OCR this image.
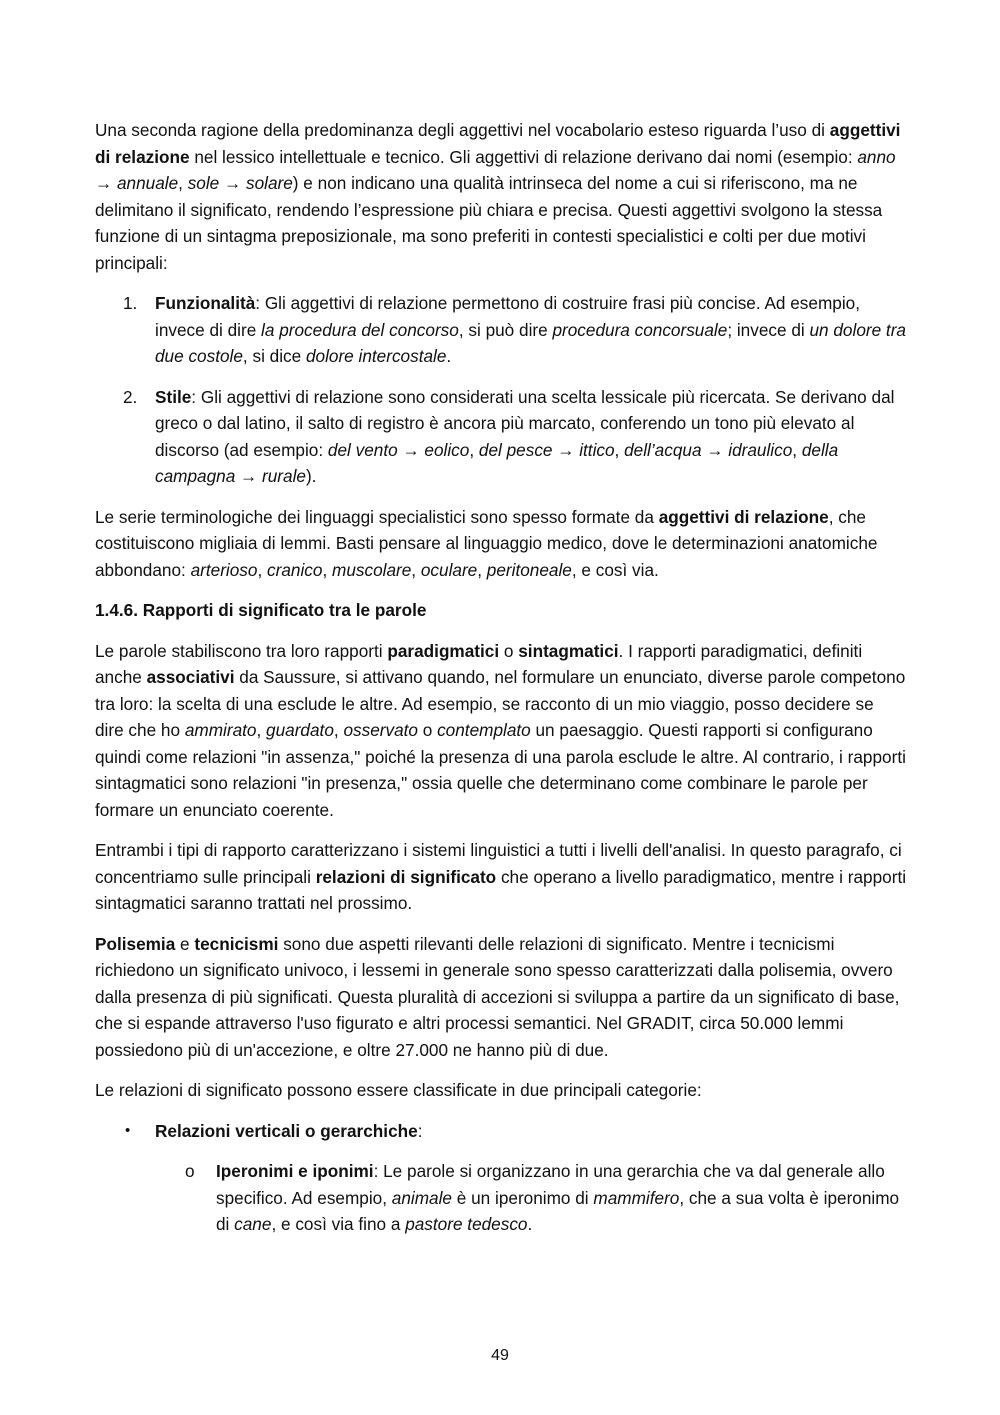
Una seconda ragione della predominanza degli aggettivi nel vocabolario esteso riguarda l’uso di aggettivi di relazione nel lessico intellettuale e tecnico. Gli aggettivi di relazione derivano dai nomi (esempio: anno → annuale, sole → solare) e non indicano una qualità intrinseca del nome a cui si riferiscono, ma ne delimitano il significato, rendendo l’espressione più chiara e precisa. Questi aggettivi svolgono la stessa funzione di un sintagma preposizionale, ma sono preferiti in contesti specialistici e colti per due motivi principali:

1. Funzionalità: Gli aggettivi di relazione permettono di costruire frasi più concise. Ad esempio, invece di dire la procedura del concorso, si può dire procedura concorsuale; invece di un dolore tra due costole, si dice dolore intercostale.
2. Stile: Gli aggettivi di relazione sono considerati una scelta lessicale più ricercata. Se derivano dal greco o dal latino, il salto di registro è ancora più marcato, conferendo un tono più elevato al discorso (ad esempio: del vento → eolico, del pesce → ittico, dell’acqua → idraulico, della campagna → rurale).

Le serie terminologiche dei linguaggi specialistici sono spesso formate da aggettivi di relazione, che costituiscono migliaia di lemmi. Basti pensare al linguaggio medico, dove le determinazioni anatomiche abbondano: arterioso, cranico, muscolare, oculare, peritoneale, e così via.

1.4.6. Rapporti di significato tra le parole

Le parole stabiliscono tra loro rapporti paradigmatici o sintagmatici. I rapporti paradigmatici, definiti anche associativi da Saussure, si attivano quando, nel formulare un enunciato, diverse parole competono tra loro: la scelta di una esclude le altre. Ad esempio, se racconto di un mio viaggio, posso decidere se dire che ho ammirato, guardato, osservato o contemplato un paesaggio. Questi rapporti si configurano quindi come relazioni "in assenza," poiché la presenza di una parola esclude le altre. Al contrario, i rapporti sintagmatici sono relazioni "in presenza," ossia quelle che determinano come combinare le parole per formare un enunciato coerente.

Entrambi i tipi di rapporto caratterizzano i sistemi linguistici a tutti i livelli dell'analisi. In questo paragrafo, ci concentriamo sulle principali relazioni di significato che operano a livello paradigmatico, mentre i rapporti sintagmatici saranno trattati nel prossimo.

Polisemia e tecnicismi sono due aspetti rilevanti delle relazioni di significato. Mentre i tecnicismi richiedono un significato univoco, i lessemi in generale sono spesso caratterizzati dalla polisemia, ovvero dalla presenza di più significati. Questa pluralità di accezioni si sviluppa a partire da un significato di base, che si espande attraverso l'uso figurato e altri processi semantici. Nel GRADIT, circa 50.000 lemmi possiedono più di un'accezione, e oltre 27.000 ne hanno più di due.

Le relazioni di significato possono essere classificate in due principali categorie:

• Relazioni verticali o gerarchiche:
o Iperonimi e iponimi: Le parole si organizzano in una gerarchia che va dal generale allo specifico. Ad esempio, animale è un iperonimo di mammifero, che a sua volta è iperonimo di cane, e così via fino a pastore tedesco.
49
